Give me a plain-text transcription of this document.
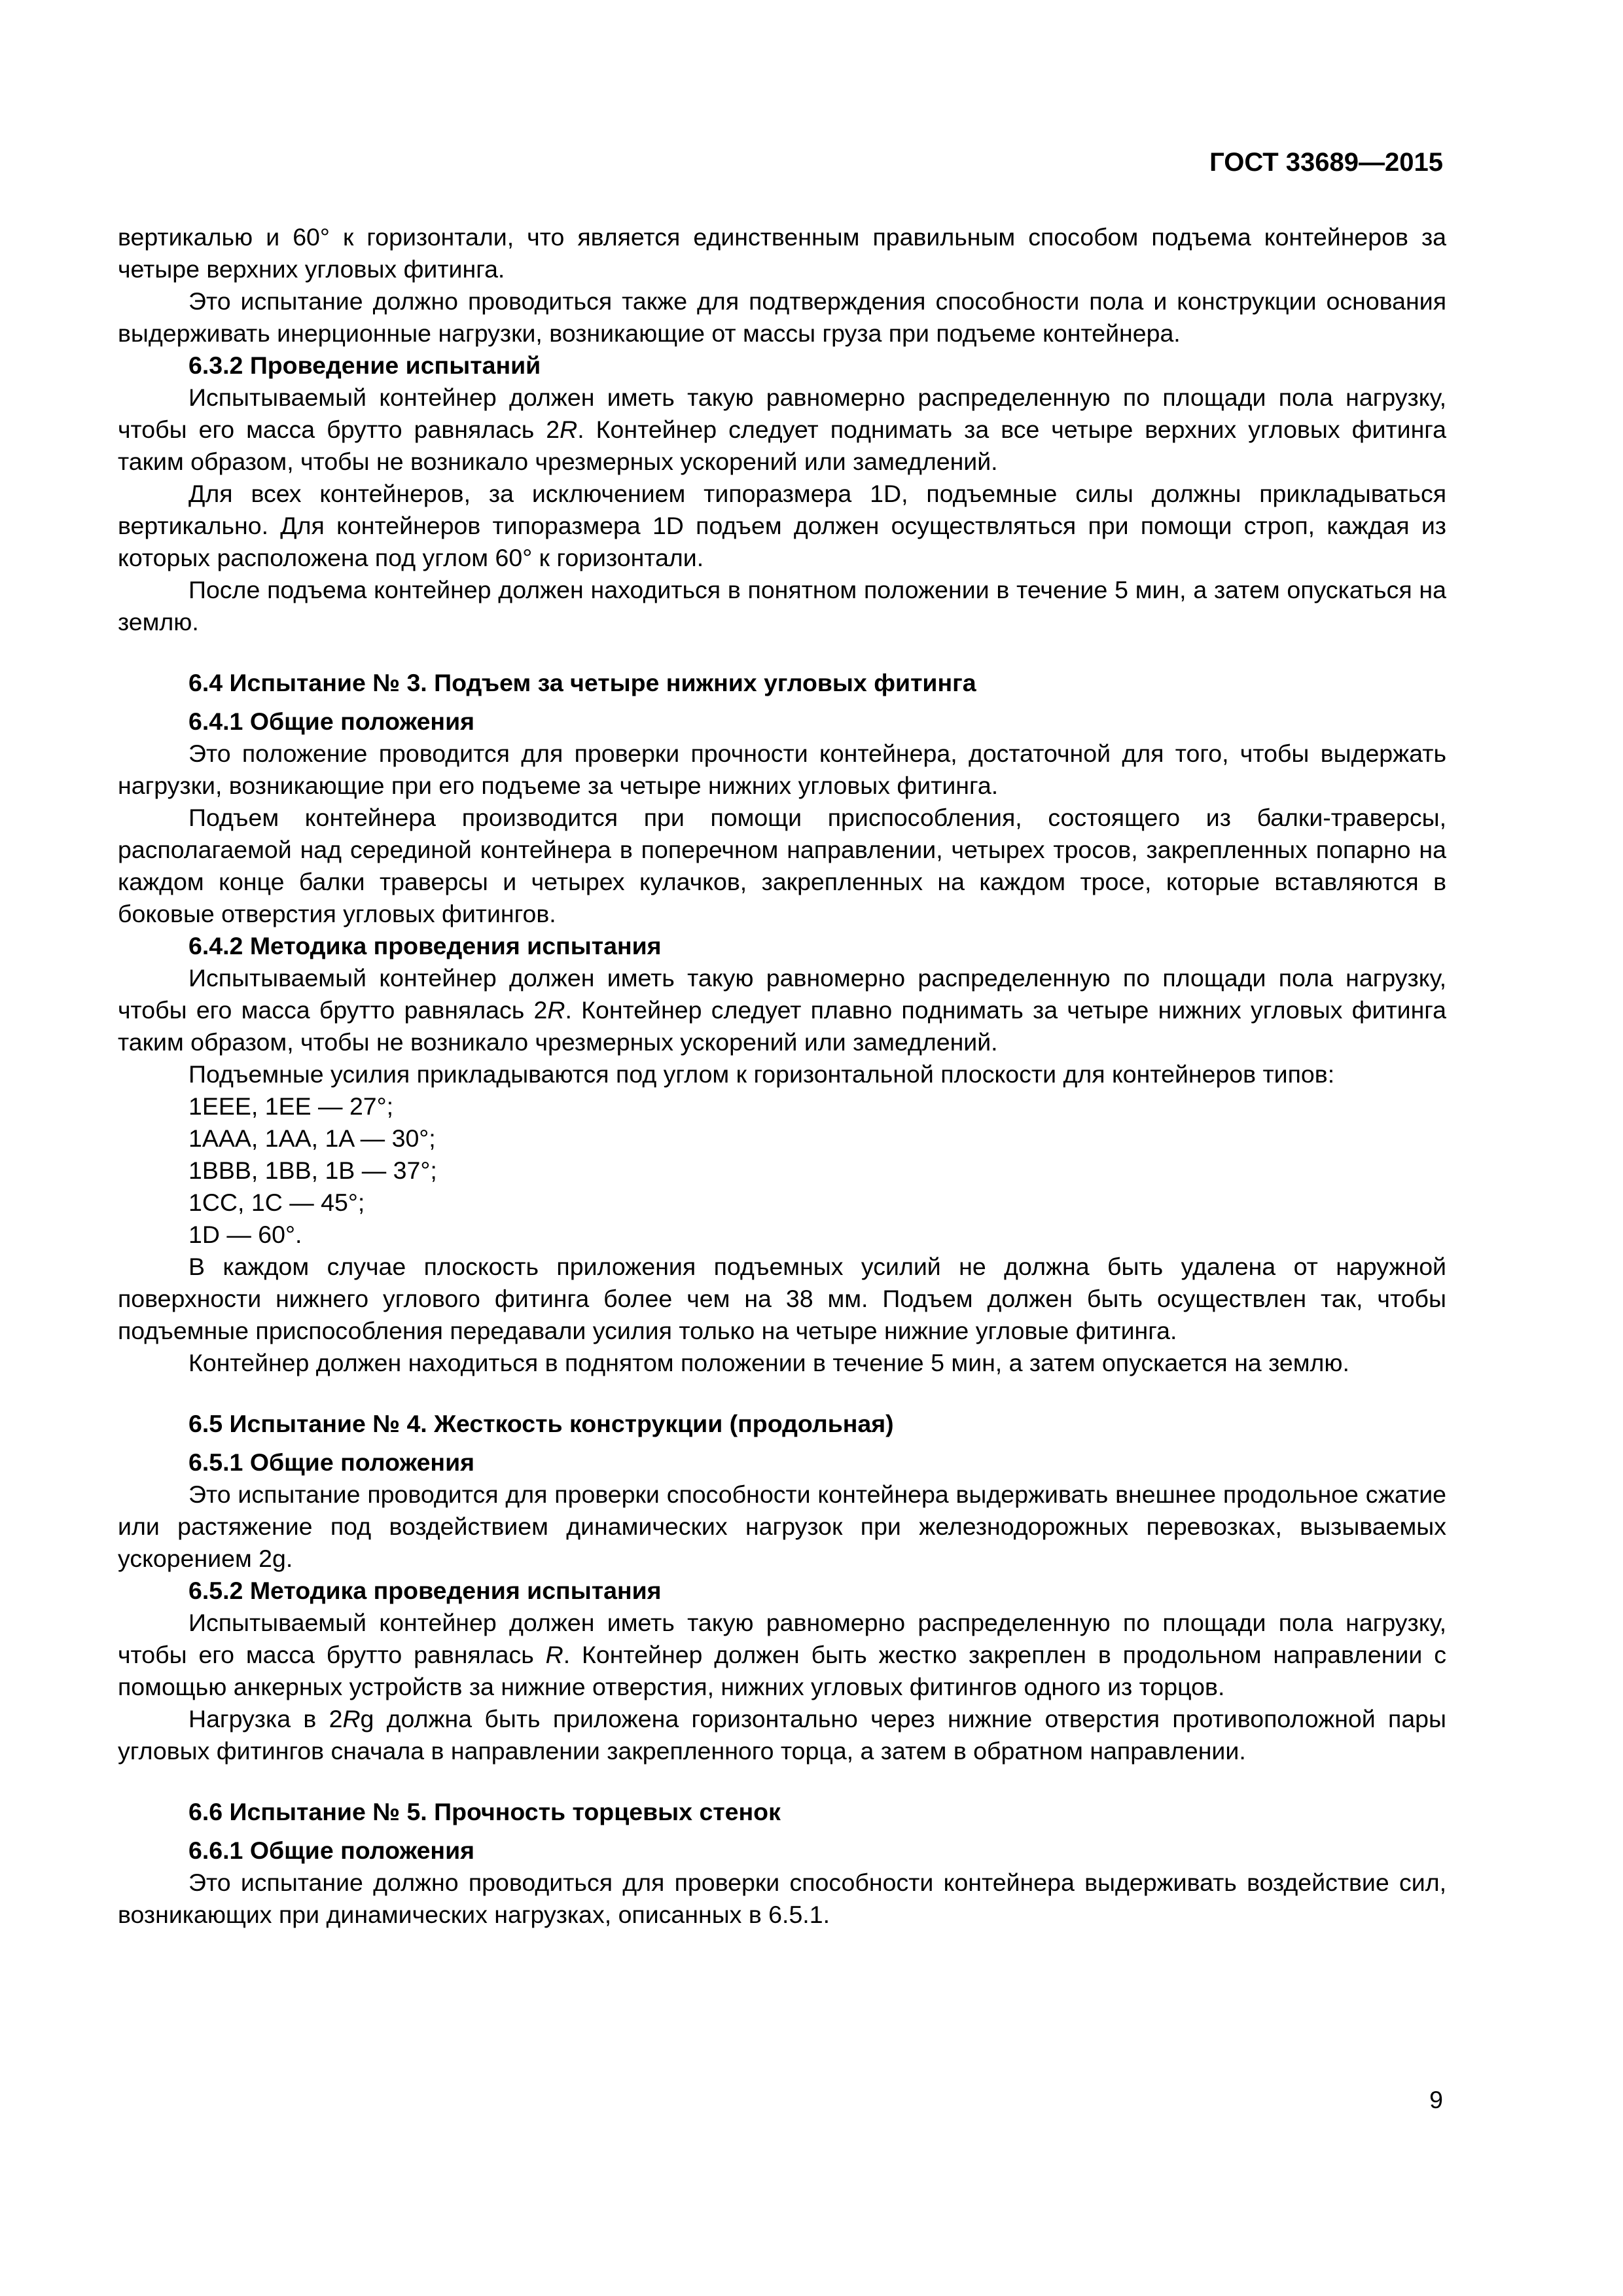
ГОСТ 33689—2015

вертикалью и 60° к горизонтали, что является единственным правильным способом подъема контейнеров за четыре верхних угловых фитинга.

Это испытание должно проводиться также для подтверждения способности пола и конструкции основания выдерживать инерционные нагрузки, возникающие от массы груза при подъеме контейнера.

6.3.2 Проведение испытаний

Испытываемый контейнер должен иметь такую равномерно распределенную по площади пола нагрузку, чтобы его масса брутто равнялась 2R. Контейнер следует поднимать за все четыре верхних угловых фитинга таким образом, чтобы не возникало чрезмерных ускорений или замедлений.

Для всех контейнеров, за исключением типоразмера 1D, подъемные силы должны прикладываться вертикально. Для контейнеров типоразмера 1D подъем должен осуществляться при помощи строп, каждая из которых расположена под углом 60° к горизонтали.

После подъема контейнер должен находиться в понятном положении в течение 5 мин, а затем опускаться на землю.

6.4 Испытание № 3. Подъем за четыре нижних угловых фитинга

6.4.1 Общие положения

Это положение проводится для проверки прочности контейнера, достаточной для того, чтобы выдержать нагрузки, возникающие при его подъеме за четыре нижних угловых фитинга.

Подъем контейнера производится при помощи приспособления, состоящего из балки-траверсы, располагаемой над серединой контейнера в поперечном направлении, четырех тросов, закрепленных попарно на каждом конце балки траверсы и четырех кулачков, закрепленных на каждом тросе, которые вставляются в боковые отверстия угловых фитингов.

6.4.2 Методика проведения испытания

Испытываемый контейнер должен иметь такую равномерно распределенную по площади пола нагрузку, чтобы его масса брутто равнялась 2R. Контейнер следует плавно поднимать за четыре нижних угловых фитинга таким образом, чтобы не возникало чрезмерных ускорений или замедлений.

Подъемные усилия прикладываются под углом к горизонтальной плоскости для контейнеров типов:

1EEE, 1EE — 27°;

1AAA, 1AA, 1A — 30°;

1BBB, 1BB, 1B — 37°;

1CC, 1C — 45°;

1D — 60°.

В каждом случае плоскость приложения подъемных усилий не должна быть удалена от наружной поверхности нижнего углового фитинга более чем на 38 мм. Подъем должен быть осуществлен так, чтобы подъемные приспособления передавали усилия только на четыре нижние угловые фитинга.

Контейнер должен находиться в поднятом положении в течение 5 мин, а затем опускается на землю.

6.5 Испытание № 4. Жесткость конструкции (продольная)

6.5.1 Общие положения

Это испытание проводится для проверки способности контейнера выдерживать внешнее продольное сжатие или растяжение под воздействием динамических нагрузок при железнодорожных перевозках, вызываемых ускорением 2g.

6.5.2 Методика проведения испытания

Испытываемый контейнер должен иметь такую равномерно распределенную по площади пола нагрузку, чтобы его масса брутто равнялась R. Контейнер должен быть жестко закреплен в продольном направлении с помощью анкерных устройств за нижние отверстия, нижних угловых фитингов одного из торцов.

Нагрузка в 2Rg должна быть приложена горизонтально через нижние отверстия противоположной пары угловых фитингов сначала в направлении закрепленного торца, а затем в обратном направлении.

6.6 Испытание № 5. Прочность торцевых стенок

6.6.1 Общие положения

Это испытание должно проводиться для проверки способности контейнера выдерживать воздействие сил, возникающих при динамических нагрузках, описанных в 6.5.1.

9
